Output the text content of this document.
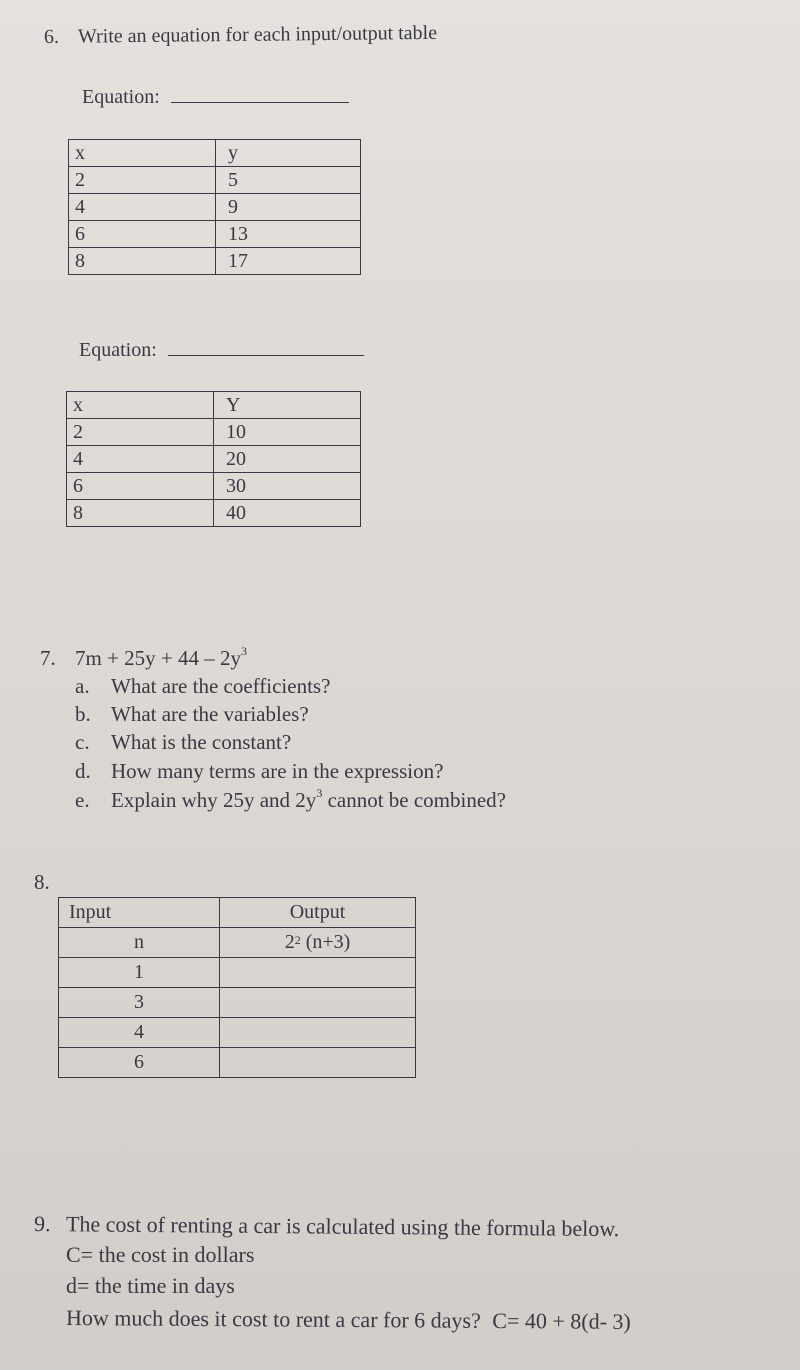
6. Write an equation for each input/output table
Equation:
x	y
2	5
4	9
6	13
8	17
Equation:
x	Y
2	10
4	20
6	30
8	40
7. $7m + 25y + 44 - 2y^3$
a. What are the coefficients?
b. What are the variables?
c. What is the constant?
d. How many terms are in the expression?
e. Explain why 25y and $2y^3$ cannot be combined?
8.
Input	Output
n	$2^2$ (n+3)
1	
3	
4	
6	
9. The cost of renting a car is calculated using the formula below.
C= the cost in dollars
d= the time in days
How much does it cost to rent a car for 6 days? C= 40 + 8(d- 3)
